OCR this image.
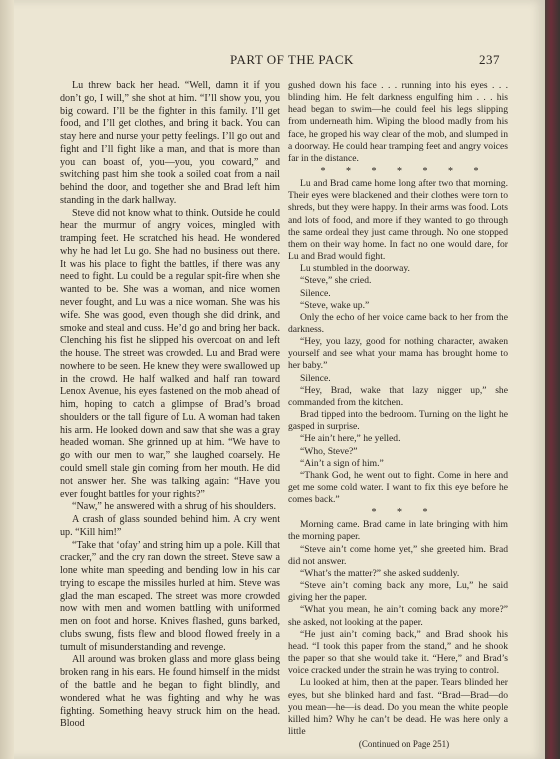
PART OF THE PACK	237

Lu threw back her head. “Well, damn it if you don’t go, I will,” she shot at him. “I’ll show you, you big coward. I’ll be the fighter in this family. I’ll get food, and I’ll get clothes, and bring it back. You can stay here and nurse your petty feelings. I’ll go out and fight and I’ll fight like a man, and that is more than you can boast of, you—you, you coward,” and switching past him she took a soiled coat from a nail behind the door, and together she and Brad left him standing in the dark hallway.

Steve did not know what to think. Outside he could hear the murmur of angry voices, mingled with tramping feet. He scratched his head. He wondered why he had let Lu go. She had no business out there. It was his place to fight the battles, if there was any need to fight. Lu could be a regular spit-fire when she wanted to be. She was a woman, and nice women never fought, and Lu was a nice woman. She was his wife. She was good, even though she did drink, and smoke and steal and cuss. He’d go and bring her back. Clenching his fist he slipped his overcoat on and left the house. The street was crowded. Lu and Brad were nowhere to be seen. He knew they were swallowed up in the crowd. He half walked and half ran toward Lenox Avenue, his eyes fastened on the mob ahead of him, hoping to catch a glimpse of Brad’s broad shoulders or the tall figure of Lu. A woman had taken his arm. He looked down and saw that she was a gray headed woman. She grinned up at him. “We have to go with our men to war,” she laughed coarsely. He could smell stale gin coming from her mouth. He did not answer her. She was talking again: “Have you ever fought battles for your rights?”

“Naw,” he answered with a shrug of his shoulders.

A crash of glass sounded behind him. A cry went up. “Kill him!”

“Take that ‘ofay’ and string him up a pole. Kill that cracker,” and the cry ran down the street. Steve saw a lone white man speeding and bending low in his car trying to escape the missiles hurled at him. Steve was glad the man escaped. The street was more crowded now with men and women battling with uniformed men on foot and horse. Knives flashed, guns barked, clubs swung, fists flew and blood flowed freely in a tumult of misunderstanding and revenge.

All around was broken glass and more glass being broken rang in his ears. He found himself in the midst of the battle and he began to fight blindly, and wondered what he was fighting and why he was fighting. Something heavy struck him on the head. Blood

gushed down his face . . . running into his eyes . . . blinding him. He felt darkness engulfing him . . . his head began to swim—he could feel his legs slipping from underneath him. Wiping the blood madly from his face, he groped his way clear of the mob, and slumped in a doorway. He could hear tramping feet and angry voices far in the distance.

* * * * * * *

Lu and Brad came home long after two that morning. Their eyes were blackened and their clothes were torn to shreds, but they were happy. In their arms was food. Lots and lots of food, and more if they wanted to go through the same ordeal they just came through. No one stopped them on their way home. In fact no one would dare, for Lu and Brad would fight.

Lu stumbled in the doorway.

“Steve,” she cried.

Silence.

“Steve, wake up.”

Only the echo of her voice came back to her from the darkness.

“Hey, you lazy, good for nothing character, awaken yourself and see what your mama has brought home to her baby.”

Silence.

“Hey, Brad, wake that lazy nigger up,” she commanded from the kitchen.

Brad tipped into the bedroom. Turning on the light he gasped in surprise.

“He ain’t here,” he yelled.

“Who, Steve?”

“Ain’t a sign of him.”

“Thank God, he went out to fight. Come in here and get me some cold water. I want to fix this eye before he comes back.”

* * *

Morning came. Brad came in late bringing with him the morning paper.

“Steve ain’t come home yet,” she greeted him. Brad did not answer.

“What’s the matter?” she asked suddenly.

“Steve ain’t coming back any more, Lu,” he said giving her the paper.

“What you mean, he ain’t coming back any more?” she asked, not looking at the paper.

“He just ain’t coming back,” and Brad shook his head. “I took this paper from the stand,” and he shook the paper so that she would take it. “Here,” and Brad’s voice cracked under the strain he was trying to control.

Lu looked at him, then at the paper. Tears blinded her eyes, but she blinked hard and fast. “Brad—Brad—do you mean—he—is dead. Do you mean the white people killed him? Why he can’t be dead. He was here only a little

(Continued on Page 251)
